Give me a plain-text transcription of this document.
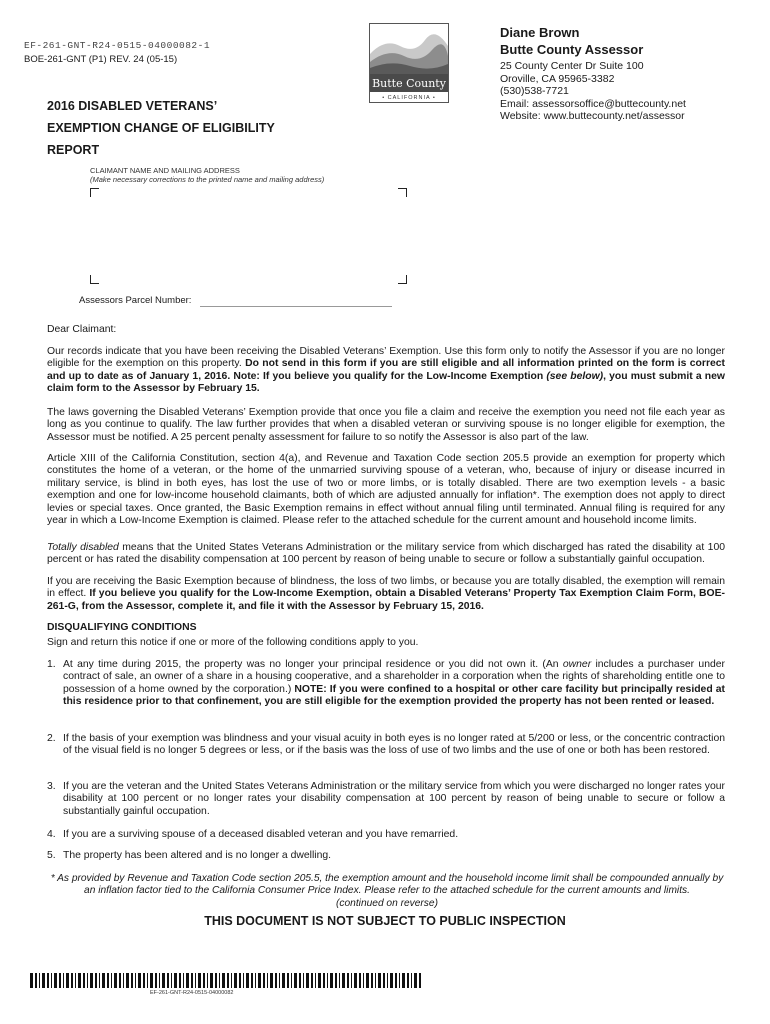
EF-261-GNT-R24-0515-04000082-1
BOE-261-GNT (P1) REV. 24 (05-15)
Butte County
• CALIFORNIA •
Diane Brown
Butte County Assessor
25 County Center Dr Suite 100
Oroville, CA 95965-3382
(530)538-7721
Email: assessorsoffice@buttecounty.net
Website: www.buttecounty.net/assessor
2016 DISABLED VETERANS’
EXEMPTION CHANGE OF ELIGIBILITY
REPORT
CLAIMANT NAME AND MAILING ADDRESS
(Make necessary corrections to the printed name and mailing address)
Assessors Parcel Number:
Dear Claimant:
Our records indicate that you have been receiving the Disabled Veterans’ Exemption. Use this form only to notify the Assessor if you are no longer eligible for the exemption on this property. Do not send in this form if you are still eligible and all information printed on the form is correct and up to date as of January 1, 2016. Note: If you believe you qualify for the Low-Income Exemption (see below), you must submit a new claim form to the Assessor by February 15.
The laws governing the Disabled Veterans’ Exemption provide that once you file a claim and receive the exemption you need not file each year as long as you continue to qualify. The law further provides that when a disabled veteran or surviving spouse is no longer eligible for exemption, the Assessor must be notified. A 25 percent penalty assessment for failure to so notify the Assessor is also part of the law.
Article XIII of the California Constitution, section 4(a), and Revenue and Taxation Code section 205.5 provide an exemption for property which constitutes the home of a veteran, or the home of the unmarried surviving spouse of a veteran, who, because of injury or disease incurred in military service, is blind in both eyes, has lost the use of two or more limbs, or is totally disabled. There are two exemption levels - a basic exemption and one for low-income household claimants, both of which are adjusted annually for inflation*. The exemption does not apply to direct levies or special taxes. Once granted, the Basic Exemption remains in effect without annual filing until terminated. Annual filing is required for any year in which a Low-Income Exemption is claimed. Please refer to the attached schedule for the current amount and household income limits.
Totally disabled means that the United States Veterans Administration or the military service from which discharged has rated the disability at 100 percent or has rated the disability compensation at 100 percent by reason of being unable to secure or follow a substantially gainful occupation.
If you are receiving the Basic Exemption because of blindness, the loss of two limbs, or because you are totally disabled, the exemption will remain in effect. If you believe you qualify for the Low-Income Exemption, obtain a Disabled Veterans’ Property Tax Exemption Claim Form, BOE-261-G, from the Assessor, complete it, and file it with the Assessor by February 15, 2016.
DISQUALIFYING CONDITIONS
Sign and return this notice if one or more of the following conditions apply to you.
1. At any time during 2015, the property was no longer your principal residence or you did not own it. (An owner includes a purchaser under contract of sale, an owner of a share in a housing cooperative, and a shareholder in a corporation when the rights of shareholding entitle one to possession of a home owned by the corporation.) NOTE: If you were confined to a hospital or other care facility but principally resided at this residence prior to that confinement, you are still eligible for the exemption provided the property has not been rented or leased.
2. If the basis of your exemption was blindness and your visual acuity in both eyes is no longer rated at 5/200 or less, or the concentric contraction of the visual field is no longer 5 degrees or less, or if the basis was the loss of use of two limbs and the use of one or both has been restored.
3. If you are the veteran and the United States Veterans Administration or the military service from which you were discharged no longer rates your disability at 100 percent or no longer rates your disability compensation at 100 percent by reason of being unable to secure or follow a substantially gainful occupation.
4. If you are a surviving spouse of a deceased disabled veteran and you have remarried.
5. The property has been altered and is no longer a dwelling.
* As provided by Revenue and Taxation Code section 205.5, the exemption amount and the household income limit shall be compounded annually by an inflation factor tied to the California Consumer Price Index. Please refer to the attached schedule for the current amounts and limits.
(continued on reverse)
THIS DOCUMENT IS NOT SUBJECT TO PUBLIC INSPECTION
EF-261-GNT-R24-0515-04000082
